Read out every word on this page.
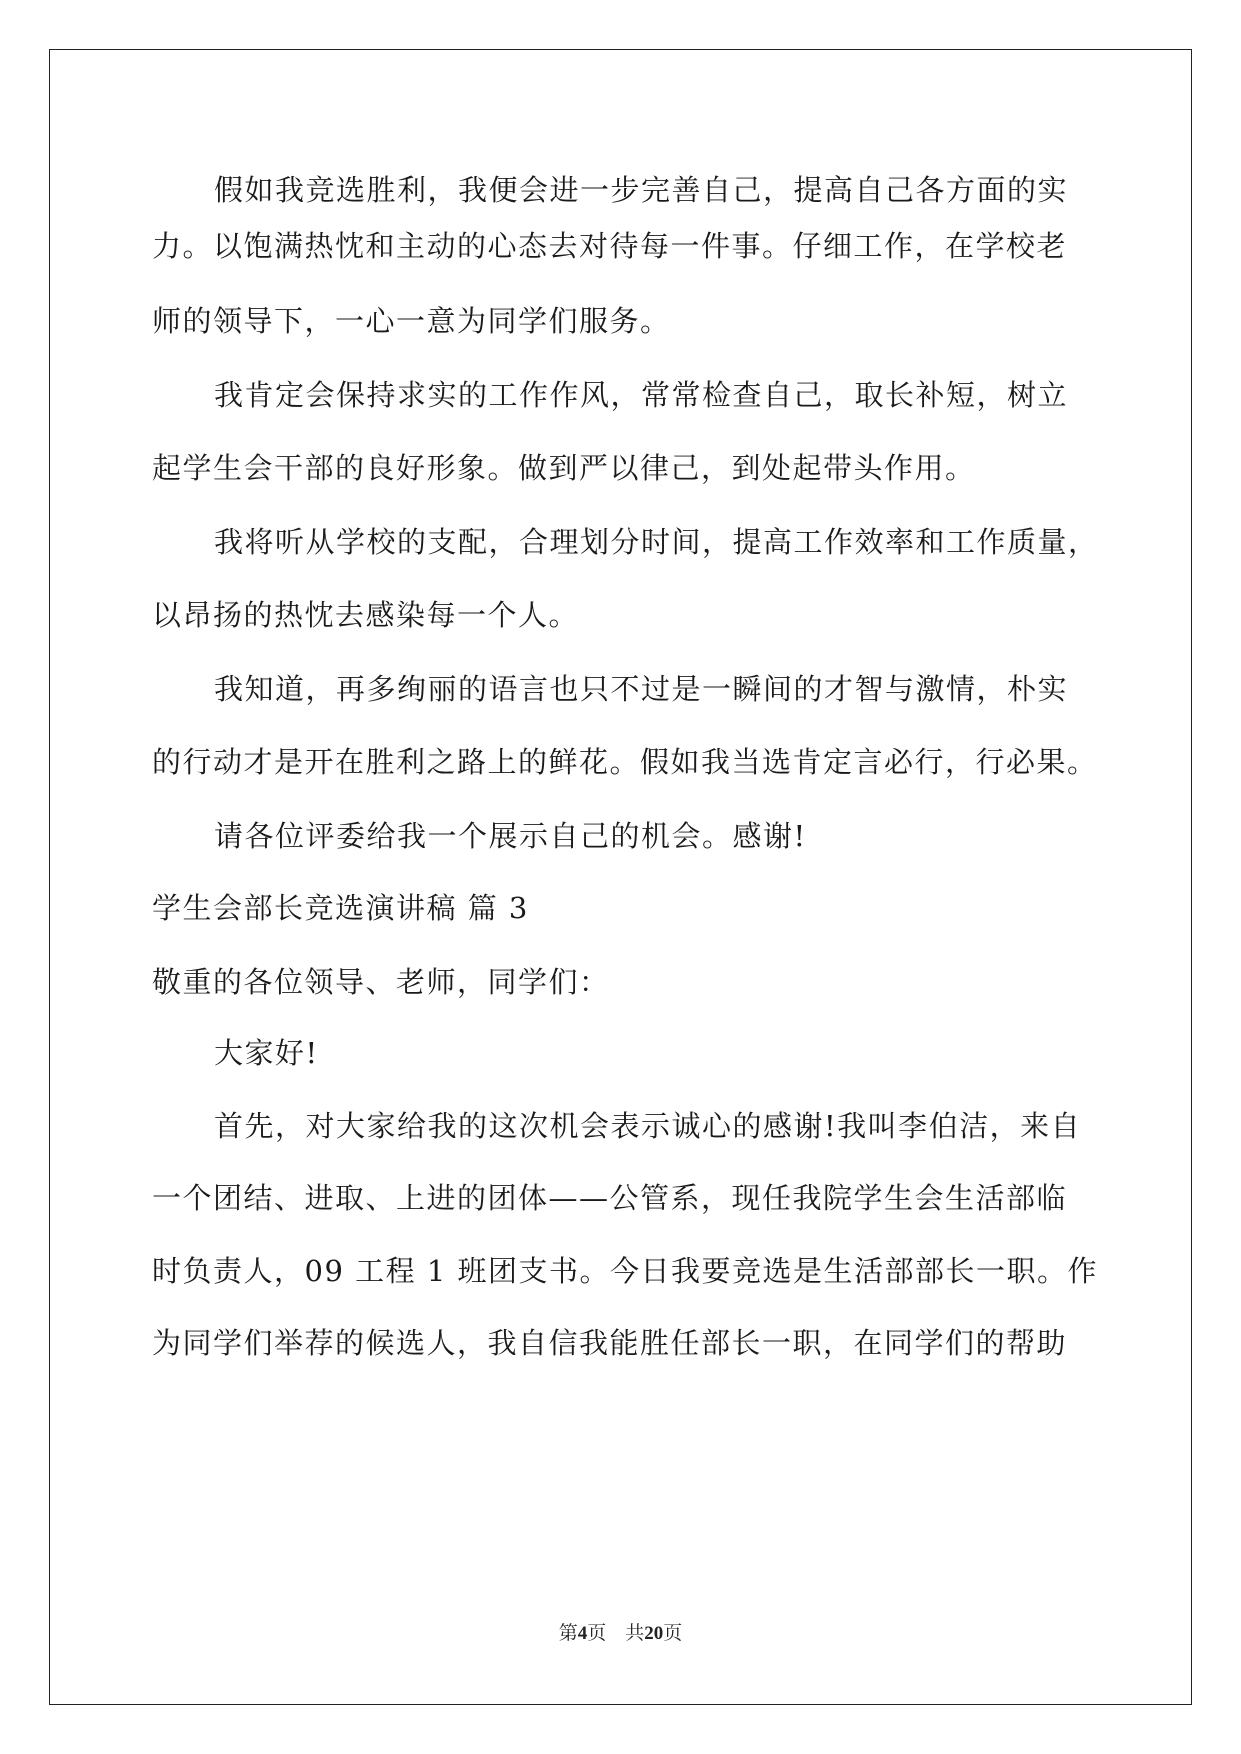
假如我竞选胜利，我便会进一步完善自己，提高自己各方面的实
力。以饱满热忱和主动的心态去对待每一件事。仔细工作，在学校老
师的领导下，一心一意为同学们服务。
我肯定会保持求实的工作作风，常常检查自己，取长补短，树立
起学生会干部的良好形象。做到严以律己，到处起带头作用。
我将听从学校的支配，合理划分时间，提高工作效率和工作质量，
以昂扬的热忱去感染每一个人。
我知道，再多绚丽的语言也只不过是一瞬间的才智与激情，朴实
的行动才是开在胜利之路上的鲜花。假如我当选肯定言必行，行必果。
请各位评委给我一个展示自己的机会。感谢!
学生会部长竞选演讲稿 篇 3
敬重的各位领导、老师，同学们：
大家好!
首先，对大家给我的这次机会表示诚心的感谢!我叫李伯洁，来自
一个团结、进取、上进的团体——公管系，现任我院学生会生活部临
时负责人，09 工程 1 班团支书。今日我要竞选是生活部部长一职。作
为同学们举荐的候选人，我自信我能胜任部长一职，在同学们的帮助
第4页　共20页
